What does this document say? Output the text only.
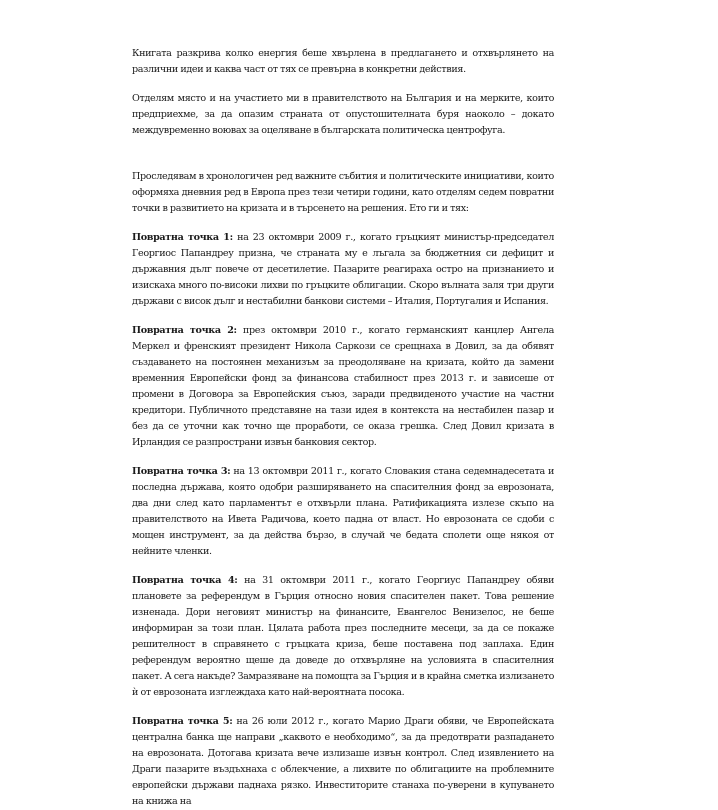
Книгата разкрива колко енергия беше хвърлена в предлагането и отхвърлянето на различни идеи и каква част от тях се превърна в конкретни действия.

Отделям място и на участието ми в правителството на България и на мерките, които предприехме, за да опазим страната от опустошителната буря наоколо – докато междувременно воювах за оцеляване в българската политическа центрофуга.

Проследявам в хронологичен ред важните събития и политическите инициативи, които оформяха дневния ред в Европа през тези четири години, като отделям седем повратни точки в развитието на кризата и в търсенето на решения. Ето ги и тях:

Повратна точка 1: на 23 октомври 2009 г., когато гръцкият министър-председател Георгиос Папандреу призна, че страната му е лъгала за бюджетния си дефицит и държавния дълг повече от десетилетие. Пазарите реагираха остро на признанието и изискаха много по-високи лихви по гръцките облигации. Скоро вълната заля три други държави с висок дълг и нестабилни банкови системи – Италия, Португалия и Испания.

Повратна точка 2: през октомври 2010 г., когато германският канцлер Ангела Меркел и френският президент Никола Саркози се срещнаха в Довил, за да обявят създаването на постоянен механизъм за преодоляване на кризата, който да замени временния Европейски фонд за финансова стабилност през 2013 г. и зависеше от промени в Договора за Европейския съюз, заради предвиденото участие на частни кредитори. Публичното представяне на тази идея в контекста на нестабилен пазар и без да се уточни как точно ще проработи, се оказа грешка. След Довил кризата в Ирландия се разпространи извън банковия сектор.

Повратна точка 3: на 13 октомври 2011 г., когато Словакия стана седемнадесетата и последна държава, която одобри разширяването на спасителния фонд за еврозоната, два дни след като парламентът е отхвърли плана. Ратификацията излезе скъпо на правителството на Ивета Радичова, което падна от власт. Но еврозоната се сдоби с мощен инструмент, за да действа бързо, в случай че бедата сполети още някоя от нейните членки.

Повратна точка 4: на 31 октомври 2011 г., когато Георгиус Папандреу обяви плановете за референдум в Гърция относно новия спасителен пакет. Това решение изненада. Дори неговият министър на финансите, Евангелос Венизелос, не беше информиран за този план. Цялата работа през последните месеци, за да се покаже решителност в справянето с гръцката криза, беше поставена под заплаха. Един референдум вероятно щеше да доведе до отхвърляне на условията в спасителния пакет. А сега накъде? Замразяване на помощта за Гърция и в крайна сметка излизането ѝ от еврозоната изглеждаха като най-вероятната посока.

Повратна точка 5: на 26 юли 2012 г., когато Марио Драги обяви, че Европейската централна банка ще направи „каквото е необходимо“, за да предотврати разпадането на еврозоната. Дотогава кризата вече излизаше извън контрол. След изявлението на Драги пазарите въздъхнаха с облекчение, а лихвите по облигациите на проблемните европейски държави паднаха рязко. Инвеститорите станаха по-уверени в купуването на книжа на
